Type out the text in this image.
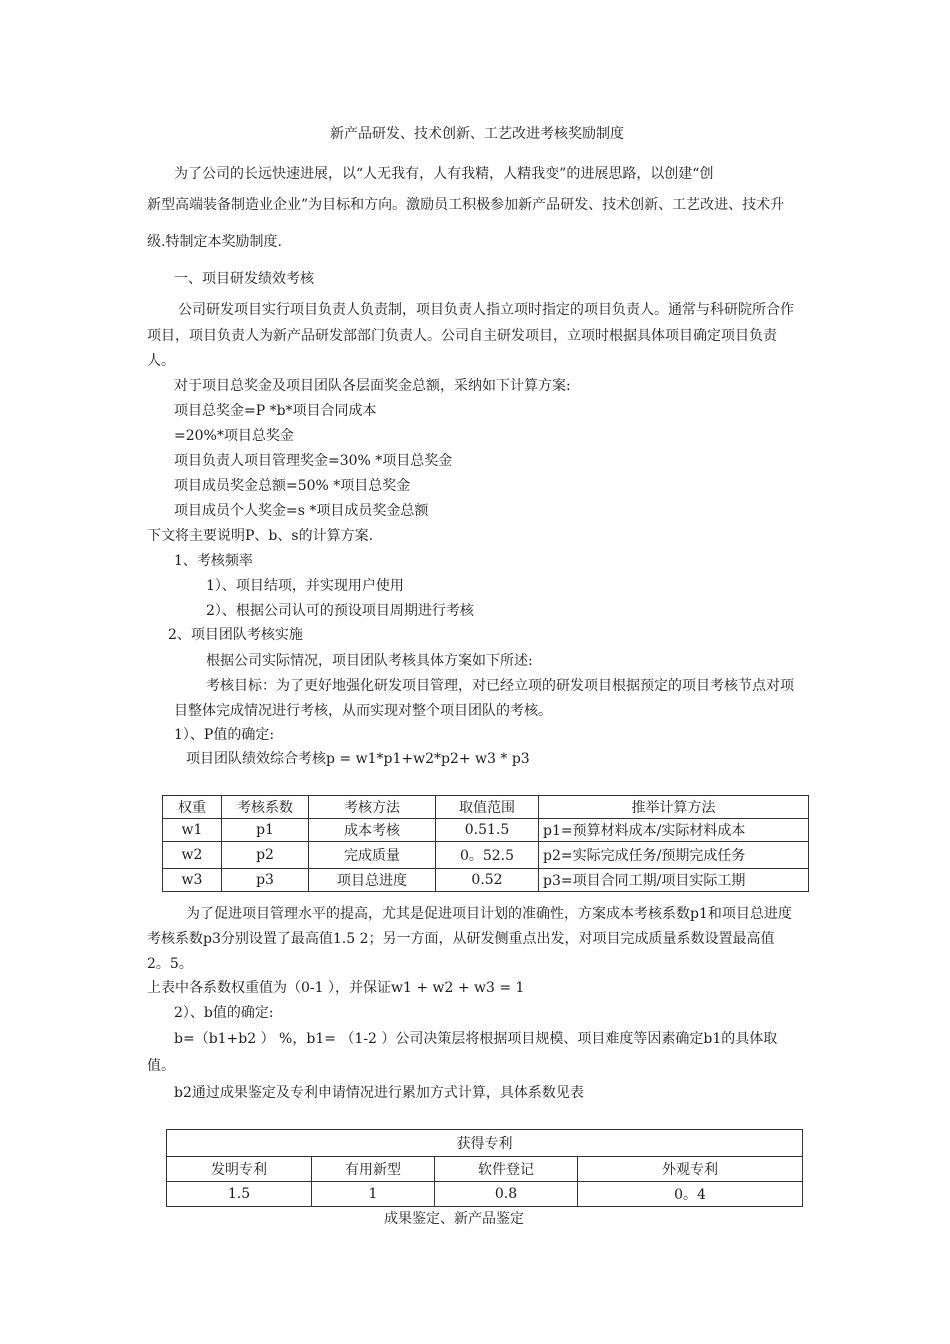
新产品研发、技术创新、工艺改进考核奖励制度
为了公司的长远快速进展，以“人无我有，人有我精，人精我变”的进展思路，以创建“创
新型高端装备制造业企业”为目标和方向。激励员工积极参加新产品研发、技术创新、工艺改进、技术升
级.特制定本奖励制度.
一、项目研发绩效考核
公司研发项目实行项目负责人负责制，项目负责人指立项时指定的项目负责人。通常与科研院所合作
项目，项目负责人为新产品研发部部门负责人。公司自主研发项目，立项时根据具体项目确定项目负责
人。
对于项目总奖金及项目团队各层面奖金总额，采纳如下计算方案:
项目总奖金=P *b*项目合同成本
=20%*项目总奖金
项目负责人项目管理奖金=30% *项目总奖金
项目成员奖金总额=50% *项目总奖金
项目成员个人奖金=s *项目成员奖金总额
下文将主要说明P、b、s的计算方案.
1、考核频率
1）、项目结项，并实现用户使用
2）、根据公司认可的预设项目周期进行考核
2、项目团队考核实施
根据公司实际情况，项目团队考核具体方案如下所述:
考核目标：为了更好地强化研发项目管理，对已经立项的研发项目根据预定的项目考核节点对项
目整体完成情况进行考核，从而实现对整个项目团队的考核。
1）、P值的确定:
项目团队绩效综合考核p = w1*p1+w2*p2+ w3 * p3
权重	考核系数	考核方法	取值范围	推举计算方法
w1	p1	成本考核	0.51.5	p1=预算材料成本/实际材料成本
w2	p2	完成质量	0。52.5	p2=实际完成任务/预期完成任务
w3	p3	项目总进度	0.52	p3=项目合同工期/项目实际工期
为了促进项目管理水平的提高，尤其是促进项目计划的准确性，方案成本考核系数p1和项目总进度
考核系数p3分别设置了最高值1.5 2；另一方面，从研发侧重点出发，对项目完成质量系数设置最高值
2。5。
上表中各系数权重值为（0-1 ），并保证w1 + w2 + w3 = 1
2）、b值的确定:
b=（b1+b2 ） %，b1= （1-2 ）公司决策层将根据项目规模、项目难度等因素确定b1的具体取
值。
b2通过成果鉴定及专利申请情况进行累加方式计算，具体系数见表
获得专利			
发明专利	有用新型	软件登记	外观专利
1.5	1	0.8	0。4
成果鉴定、新产品鉴定
